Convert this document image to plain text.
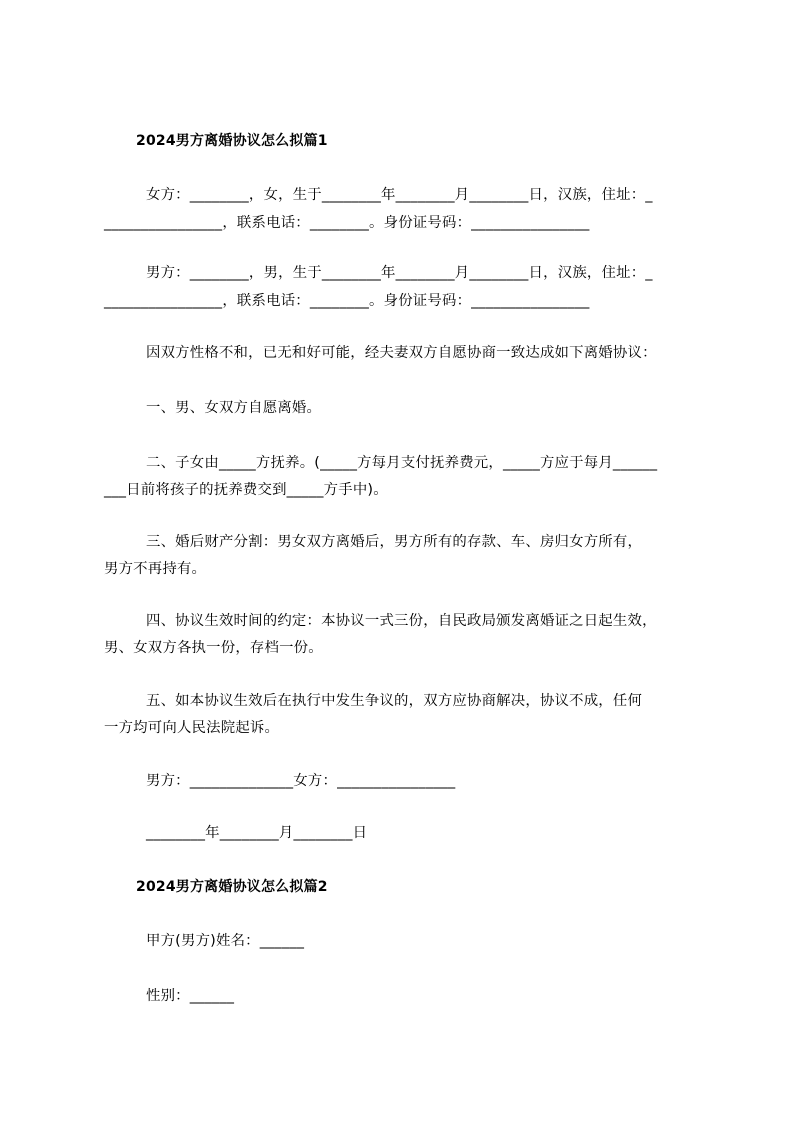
2024男方离婚协议怎么拟篇1
女方：________，女，生于________年________月________日，汉族，住址：_
________________，联系电话：________。身份证号码：________________
男方：________，男，生于________年________月________日，汉族，住址：_
________________，联系电话：________。身份证号码：________________
因双方性格不和，已无和好可能，经夫妻双方自愿协商一致达成如下离婚协议：
一、男、女双方自愿离婚。
二、子女由_____方抚养。(_____方每月支付抚养费元，_____方应于每月______
___日前将孩子的抚养费交到_____方手中)。
三、婚后财产分割：男女双方离婚后，男方所有的存款、车、房归女方所有，
男方不再持有。
四、协议生效时间的约定：本协议一式三份，自民政局颁发离婚证之日起生效，
男、女双方各执一份，存档一份。
五、如本协议生效后在执行中发生争议的，双方应协商解决，协议不成，任何
一方均可向人民法院起诉。
男方：______________女方：________________
________年________月________日
2024男方离婚协议怎么拟篇2
甲方(男方)姓名：______
性别：______
